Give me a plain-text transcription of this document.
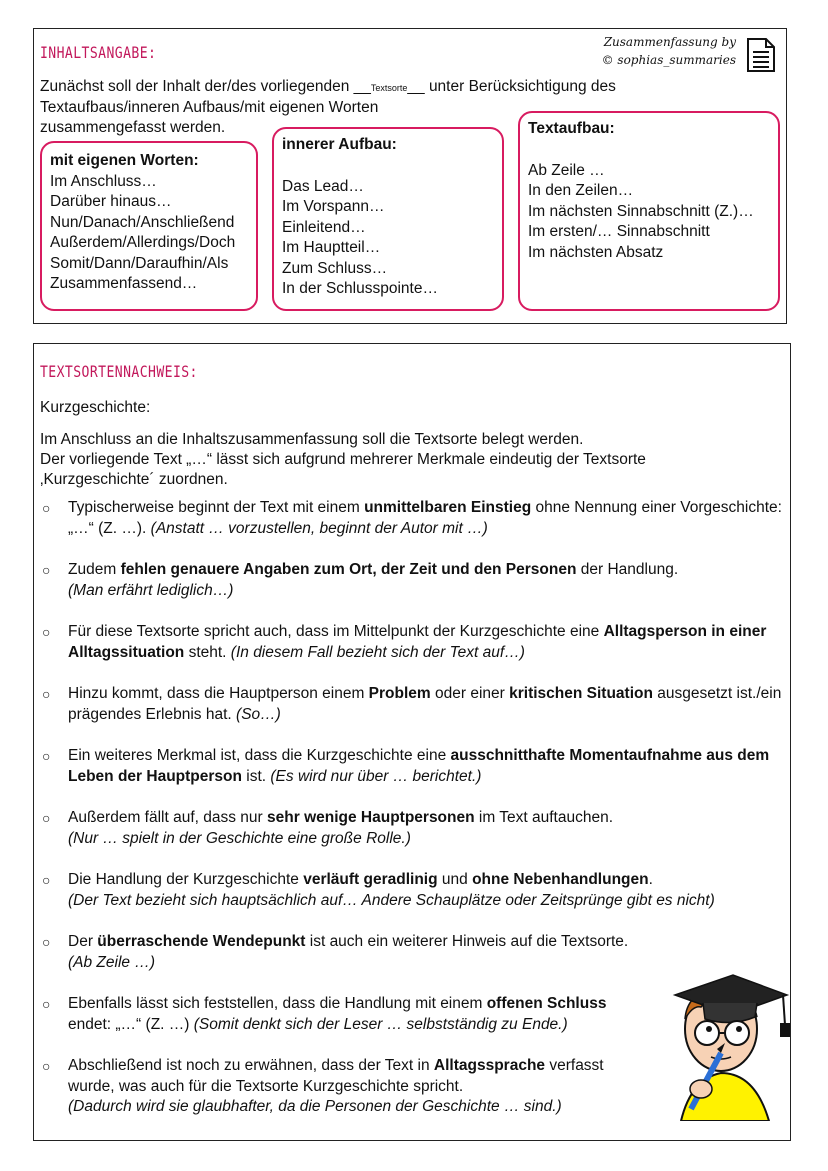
INHALTSANGABE:
Zusammenfassung by
© sophias_summaries
Zunächst soll der Inhalt der/des vorliegenden __Textsorte__ unter Berücksichtigung des
Textaufbaus/inneren Aufbaus/mit eigenen Worten
zusammengefasst werden.
mit eigenen Worten:
Im Anschluss…
Darüber hinaus…
Nun/Danach/Anschließend
Außerdem/Allerdings/Doch
Somit/Dann/Daraufhin/Als
Zusammenfassend…
innerer Aufbau:
Das Lead…
Im Vorspann…
Einleitend…
Im Hauptteil…
Zum Schluss…
In der Schlusspointe…
Textaufbau:
Ab Zeile …
In den Zeilen…
Im nächsten Sinnabschnitt (Z.)…
Im ersten/… Sinnabschnitt
Im nächsten Absatz
TEXTSORTENNACHWEIS:
Kurzgeschichte:
Im Anschluss an die Inhaltszusammenfassung soll die Textsorte belegt werden.
Der vorliegende Text „…“ lässt sich aufgrund mehrerer Merkmale eindeutig der Textsorte
‚Kurzgeschichte´ zuordnen.
○ Typischerweise beginnt der Text mit einem unmittelbaren Einstieg ohne Nennung einer Vorgeschichte: „…“ (Z. …). (Anstatt … vorzustellen, beginnt der Autor mit …)
○ Zudem fehlen genauere Angaben zum Ort, der Zeit und den Personen der Handlung.
(Man erfährt lediglich…)
○ Für diese Textsorte spricht auch, dass im Mittelpunkt der Kurzgeschichte eine Alltagsperson in einer Alltagssituation steht. (In diesem Fall bezieht sich der Text auf…)
○ Hinzu kommt, dass die Hauptperson einem Problem oder einer kritischen Situation ausgesetzt ist./ein prägendes Erlebnis hat. (So…)
○ Ein weiteres Merkmal ist, dass die Kurzgeschichte eine ausschnitthafte Momentaufnahme aus dem Leben der Hauptperson ist. (Es wird nur über … berichtet.)
○ Außerdem fällt auf, dass nur sehr wenige Hauptpersonen im Text auftauchen.
(Nur … spielt in der Geschichte eine große Rolle.)
○ Die Handlung der Kurzgeschichte verläuft geradlinig und ohne Nebenhandlungen.
(Der Text bezieht sich hauptsächlich auf… Andere Schauplätze oder Zeitsprünge gibt es nicht)
○ Der überraschende Wendepunkt ist auch ein weiterer Hinweis auf die Textsorte.
(Ab Zeile …)
○ Ebenfalls lässt sich feststellen, dass die Handlung mit einem offenen Schluss endet: „…“ (Z. …) (Somit denkt sich der Leser … selbstständig zu Ende.)
○ Abschließend ist noch zu erwähnen, dass der Text in Alltagssprache verfasst wurde, was auch für die Textsorte Kurzgeschichte spricht.
(Dadurch wird sie glaubhafter, da die Personen der Geschichte … sind.)
